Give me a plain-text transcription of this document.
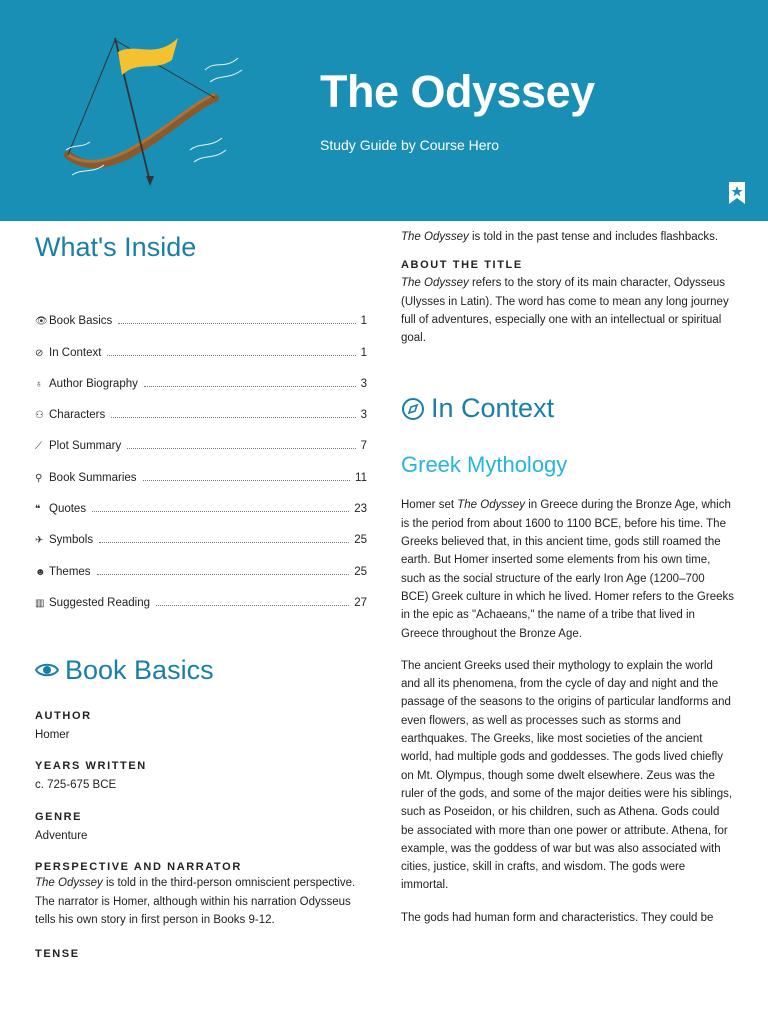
The Odyssey
Study Guide by Course Hero
What's Inside
👁 Book Basics	1
⊘ In Context	1
♁ Author Biography	3
⚇ Characters	3
⟋ Plot Summary	7
⚲ Book Summaries	11
❝ Quotes	23
✈ Symbols	25
☻ Themes	25
▥ Suggested Reading	27
Book Basics
AUTHOR
Homer
YEARS WRITTEN
c. 725-675 BCE
GENRE
Adventure
PERSPECTIVE AND NARRATOR
The Odyssey is told in the third-person omniscient perspective. The narrator is Homer, although within his narration Odysseus tells his own story in first person in Books 9-12.
TENSE
The Odyssey is told in the past tense and includes flashbacks.
ABOUT THE TITLE
The Odyssey refers to the story of its main character, Odysseus (Ulysses in Latin). The word has come to mean any long journey full of adventures, especially one with an intellectual or spiritual goal.
In Context
Greek Mythology
Homer set The Odyssey in Greece during the Bronze Age, which is the period from about 1600 to 1100 BCE, before his time. The Greeks believed that, in this ancient time, gods still roamed the earth. But Homer inserted some elements from his own time, such as the social structure of the early Iron Age (1200–700 BCE) Greek culture in which he lived. Homer refers to the Greeks in the epic as "Achaeans," the name of a tribe that lived in Greece throughout the Bronze Age.
The ancient Greeks used their mythology to explain the world and all its phenomena, from the cycle of day and night and the passage of the seasons to the origins of particular landforms and even flowers, as well as processes such as storms and earthquakes. The Greeks, like most societies of the ancient world, had multiple gods and goddesses. The gods lived chiefly on Mt. Olympus, though some dwelt elsewhere. Zeus was the ruler of the gods, and some of the major deities were his siblings, such as Poseidon, or his children, such as Athena. Gods could be associated with more than one power or attribute. Athena, for example, was the goddess of war but was also associated with cities, justice, skill in crafts, and wisdom. The gods were immortal.
The gods had human form and characteristics. They could be
